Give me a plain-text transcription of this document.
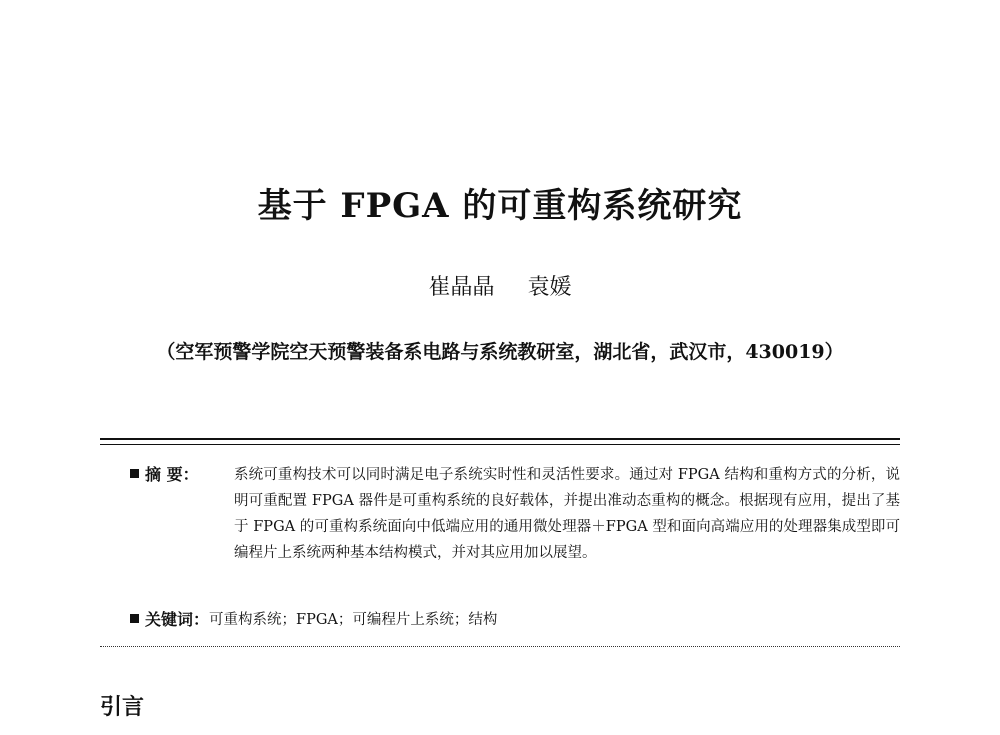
基于 FPGA 的可重构系统研究
崔晶晶 袁媛
（空军预警学院空天预警装备系电路与系统教研室，湖北省，武汉市，430019）
摘 要：	系统可重构技术可以同时满足电子系统实时性和灵活性要求。通过对 FPGA 结构和重构方式的分析，说明可重配置 FPGA 器件是可重构系统的良好载体，并提出准动态重构的概念。根据现有应用，提出了基于 FPGA 的可重构系统面向中低端应用的通用微处理器＋FPGA 型和面向高端应用的处理器集成型即可编程片上系统两种基本结构模式，并对其应用加以展望。
关键词： 可重构系统；FPGA；可编程片上系统；结构
引言
